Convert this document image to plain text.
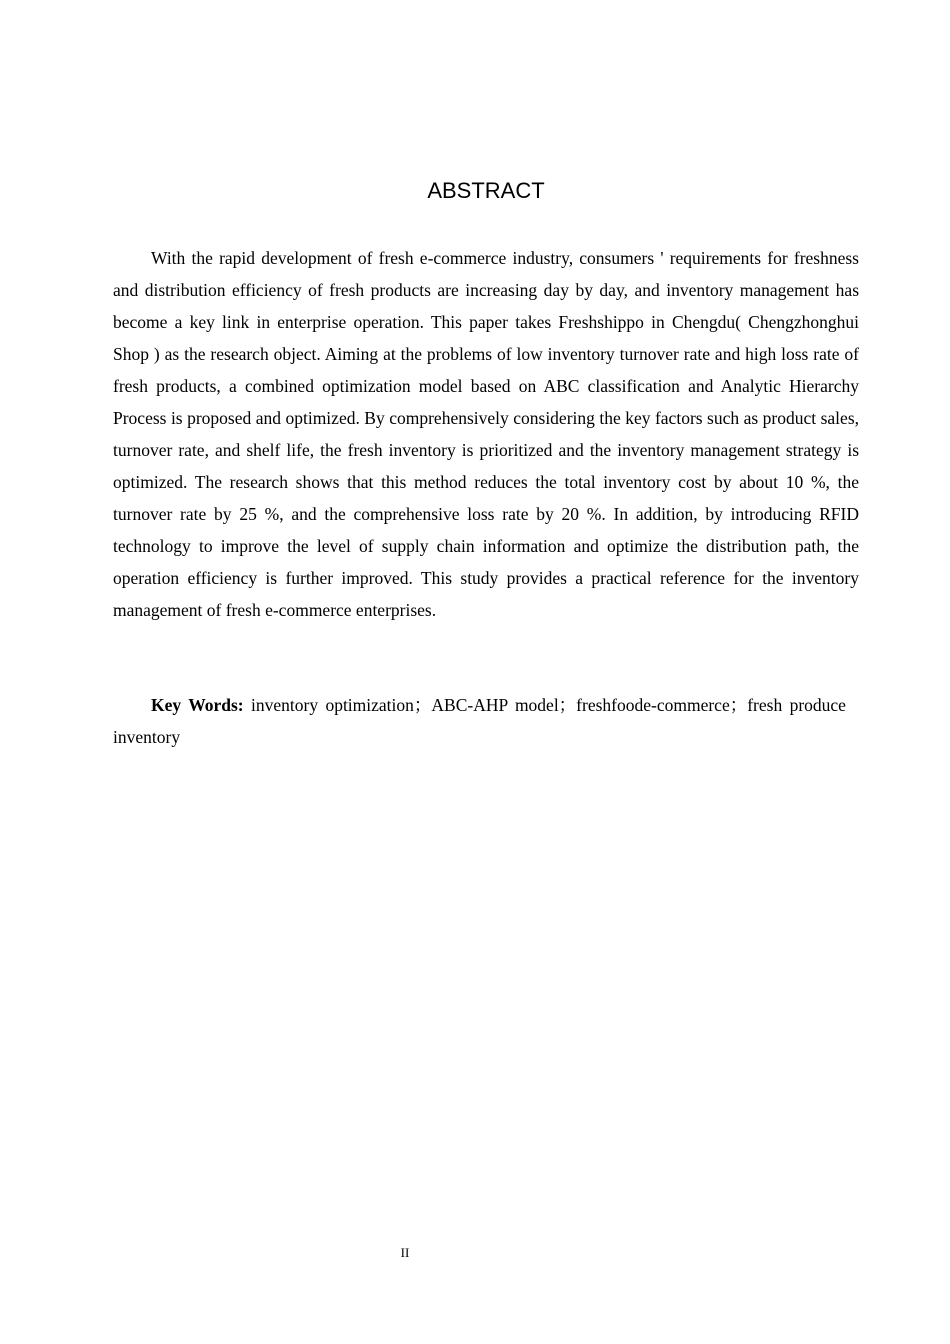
ABSTRACT

With the rapid development of fresh e-commerce industry, consumers ' requirements for freshness and distribution efficiency of fresh products are increasing day by day, and inventory management has become a key link in enterprise operation. This paper takes Freshshippo in Chengdu( Chengzhonghui Shop ) as the research object. Aiming at the problems of low inventory turnover rate and high loss rate of fresh products, a combined optimization model based on ABC classification and Analytic Hierarchy Process is proposed and optimized. By comprehensively considering the key factors such as product sales, turnover rate, and shelf life, the fresh inventory is prioritized and the inventory management strategy is optimized. The research shows that this method reduces the total inventory cost by about 10 %, the turnover rate by 25 %, and the comprehensive loss rate by 20 %. In addition, by introducing RFID technology to improve the level of supply chain information and optimize the distribution path, the operation efficiency is further improved. This study provides a practical reference for the inventory management of fresh e-commerce enterprises.

Key Words: inventory optimization；ABC-AHP model；freshfoode-commerce；fresh produce inventory

II
